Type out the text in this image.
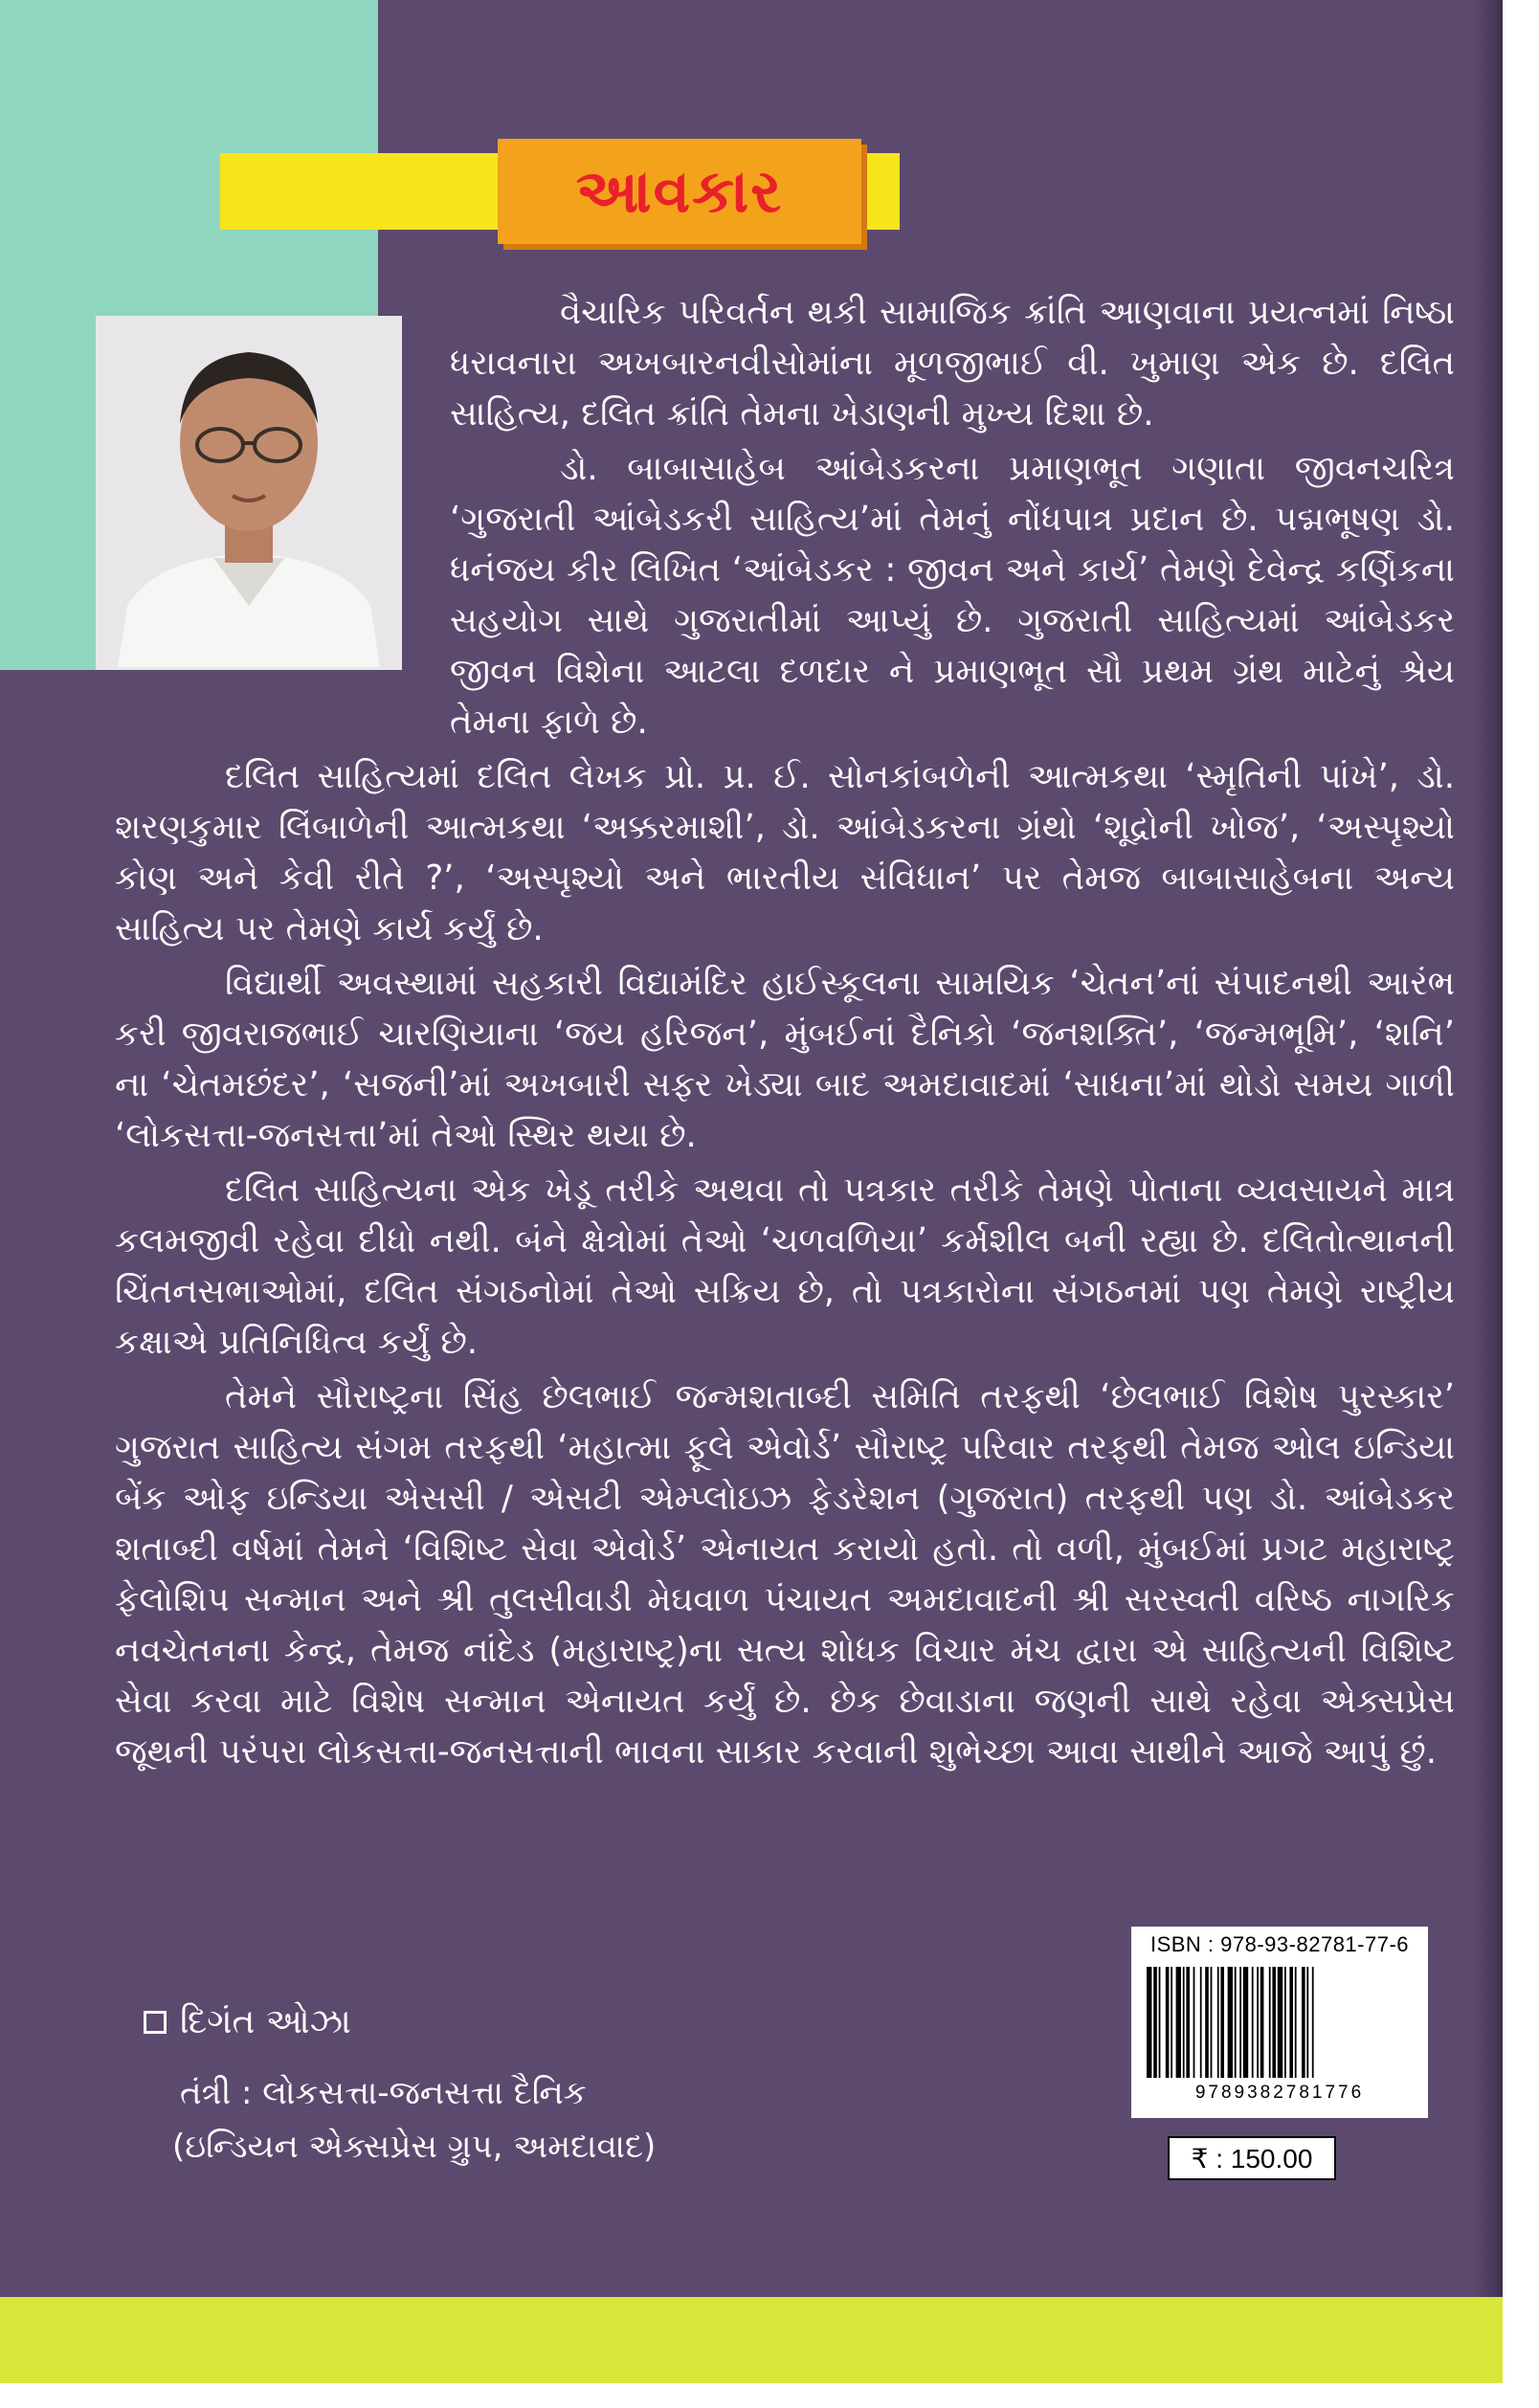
આવકાર

વૈચારિક પરિવર્તન થકી સામાજિક ક્રાંતિ આણવાના પ્રયત્નમાં નિષ્ઠા ધરાવનારા અખબારનવીસોમાંના મૂળજીભાઈ વી. ખુમાણ એક છે. દલિત સાહિત્ય, દલિત ક્રાંતિ તેમના ખેડાણની મુખ્ય દિશા છે.

ડો. બાબાસાહેબ આંબેડકરના પ્રમાણભૂત ગણાતા જીવનચરિત્ર ‘ગુજરાતી આંબેડકરી સાહિત્ય’માં તેમનું નોંધપાત્ર પ્રદાન છે. પદ્મભૂષણ ડો. ધનંજય કીર લિખિત ‘આંબેડકર : જીવન અને કાર્ય’ તેમણે દેવેન્દ્ર કર્ણિકના સહયોગ સાથે ગુજરાતીમાં આપ્યું છે. ગુજરાતી સાહિત્યમાં આંબેડકર જીવન વિશેના આટલા દળદાર ને પ્રમાણભૂત સૌ પ્રથમ ગ્રંથ માટેનું શ્રેય તેમના ફાળે છે.

દલિત સાહિત્યમાં દલિત લેખક પ્રો. પ્ર. ઈ. સોનકાંબળેની આત્મકથા ‘સ્મૃતિની પાંખે’, ડો. શરણકુમાર લિંબાળેની આત્મકથા ‘અક્કરમાશી’, ડો. આંબેડકરના ગ્રંથો ‘શૂદ્રોની ખોજ’, ‘અસ્પૃશ્યો કોણ અને કેવી રીતે ?’, ‘અસ્પૃશ્યો અને ભારતીય સંવિધાન’ પર તેમજ બાબાસાહેબના અન્ય સાહિત્ય પર તેમણે કાર્ય કર્યું છે.

વિદ્યાર્થી અવસ્થામાં સહકારી વિદ્યામંદિર હાઈસ્કૂલના સામયિક ‘ચેતન’નાં સંપાદનથી આરંભ કરી જીવરાજભાઈ ચારણિયાના ‘જય હરિજન’, મુંબઈનાં દૈનિકો ‘જનશક્તિ’, ‘જન્મભૂમિ’, ‘શનિ’ ના ‘ચેતમછંદર’, ‘સજની’માં અખબારી સફર ખેડ્યા બાદ અમદાવાદમાં ‘સાધના’માં થોડો સમય ગાળી ‘લોકસત્તા-જનસત્તા’માં તેઓ સ્થિર થયા છે.

દલિત સાહિત્યના એક ખેડૂ તરીકે અથવા તો પત્રકાર તરીકે તેમણે પોતાના વ્યવસાયને માત્ર કલમજીવી રહેવા દીધો નથી. બંને ક્ષેત્રોમાં તેઓ ‘ચળવળિયા’ કર્મશીલ બની રહ્યા છે. દલિતોત્થાનની ચિંતનસભાઓમાં, દલિત સંગઠનોમાં તેઓ સક્રિય છે, તો પત્રકારોના સંગઠનમાં પણ તેમણે રાષ્ટ્રીય કક્ષાએ પ્રતિનિધિત્વ કર્યું છે.

તેમને સૌરાષ્ટ્રના સિંહ છેલભાઈ જન્મશતાબ્દી સમિતિ તરફથી ‘છેલભાઈ વિશેષ પુરસ્કાર’ ગુજરાત સાહિત્ય સંગમ તરફથી ‘મહાત્મા ફૂલે એવોર્ડ’ સૌરાષ્ટ્ર પરિવાર તરફથી તેમજ ઓલ ઇન્ડિયા બેંક ઓફ ઇન્ડિયા એસસી / એસટી એમ્પ્લોઇઝ ફેડરેશન (ગુજરાત) તરફથી પણ ડો. આંબેડકર શતાબ્દી વર્ષમાં તેમને ‘વિશિષ્ટ સેવા એવોર્ડ’ એનાયત કરાયો હતો. તો વળી, મુંબઈમાં પ્રગટ મહારાષ્ટ્ર ફેલોશિપ સન્માન અને શ્રી તુલસીવાડી મેઘવાળ પંચાયત અમદાવાદની શ્રી સરસ્વતી વરિષ્ઠ નાગરિક નવચેતનના કેન્દ્ર, તેમજ નાંદેડ (મહારાષ્ટ્ર)ના સત્ય શોધક વિચાર મંચ દ્વારા એ સાહિત્યની વિશિષ્ટ સેવા કરવા માટે વિશેષ સન્માન એનાયત કર્યું છે. છેક છેવાડાના જણની સાથે રહેવા એક્સપ્રેસ જૂથની પરંપરા લોકસત્તા-જનસત્તાની ભાવના સાકાર કરવાની શુભેચ્છા આવા સાથીને આજે આપું છું.

દિગંત ઓઝા
તંત્રી : લોકસત્તા-જનસત્તા દૈનિક
(ઇન્ડિયન એક્સપ્રેસ ગ્રુપ, અમદાવાદ)
ISBN : 978-93-82781-77-6
9789382781776
₹ : 150.00
